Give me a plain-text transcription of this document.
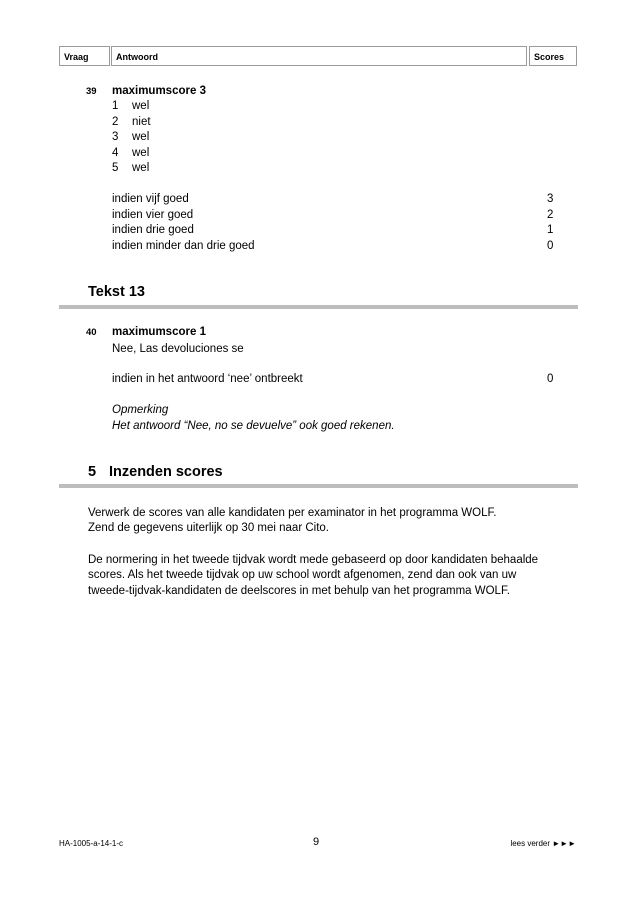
Vraag	Antwoord	Scores
39 maximumscore 3
1 wel
2 niet
3 wel
4 wel
5 wel
indien vijf goed	3
indien vier goed	2
indien drie goed	1
indien minder dan drie goed	0
Tekst 13
40 maximumscore 1
Nee, Las devoluciones se
indien in het antwoord ‘nee’ ontbreekt	0
Opmerking
Het antwoord “Nee, no se devuelve” ook goed rekenen.
5 Inzenden scores
Verwerk de scores van alle kandidaten per examinator in het programma WOLF.
Zend de gegevens uiterlijk op 30 mei naar Cito.
De normering in het tweede tijdvak wordt mede gebaseerd op door kandidaten behaalde
scores. Als het tweede tijdvak op uw school wordt afgenomen, zend dan ook van uw
tweede-tijdvak-kandidaten de deelscores in met behulp van het programma WOLF.
HA-1005-a-14-1-c	9	lees verder ►►►
